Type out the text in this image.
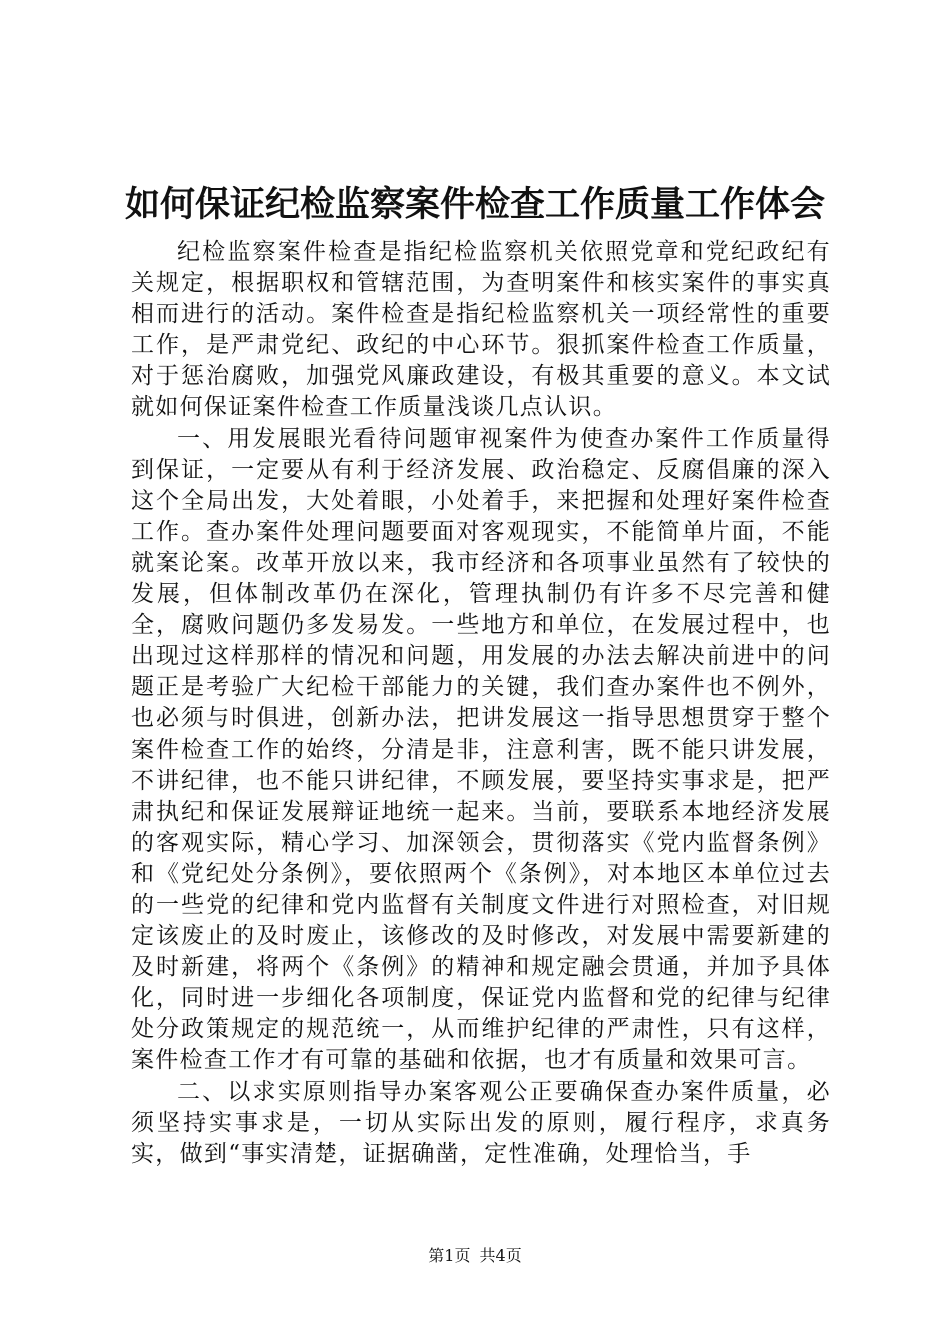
如何保证纪检监察案件检查工作质量工作体会

纪检监察案件检查是指纪检监察机关依照党章和党纪政纪有关规定，根据职权和管辖范围，为查明案件和核实案件的事实真相而进行的活动。案件检查是指纪检监察机关一项经常性的重要工作，是严肃党纪、政纪的中心环节。狠抓案件检查工作质量，对于惩治腐败，加强党风廉政建设，有极其重要的意义。本文试就如何保证案件检查工作质量浅谈几点认识。

一、用发展眼光看待问题审视案件为使查办案件工作质量得到保证，一定要从有利于经济发展、政治稳定、反腐倡廉的深入这个全局出发，大处着眼，小处着手，来把握和处理好案件检查工作。查办案件处理问题要面对客观现实，不能简单片面，不能就案论案。改革开放以来，我市经济和各项事业虽然有了较快的发展，但体制改革仍在深化，管理执制仍有许多不尽完善和健全，腐败问题仍多发易发。一些地方和单位，在发展过程中，也出现过这样那样的情况和问题，用发展的办法去解决前进中的问题正是考验广大纪检干部能力的关键，我们查办案件也不例外，也必须与时俱进，创新办法，把讲发展这一指导思想贯穿于整个案件检查工作的始终，分清是非，注意利害，既不能只讲发展，不讲纪律，也不能只讲纪律，不顾发展，要坚持实事求是，把严肃执纪和保证发展辩证地统一起来。当前，要联系本地经济发展的客观实际，精心学习、加深领会，贯彻落实《党内监督条例》和《党纪处分条例》，要依照两个《条例》，对本地区本单位过去的一些党的纪律和党内监督有关制度文件进行对照检查，对旧规定该废止的及时废止，该修改的及时修改，对发展中需要新建的及时新建，将两个《条例》的精神和规定融会贯通，并加予具体化，同时进一步细化各项制度，保证党内监督和党的纪律与纪律处分政策规定的规范统一，从而维护纪律的严肃性，只有这样，案件检查工作才有可靠的基础和依据，也才有质量和效果可言。

二、以求实原则指导办案客观公正要确保查办案件质量，必须坚持实事求是，一切从实际出发的原则，履行程序，求真务实，做到“事实清楚，证据确凿，定性准确，处理恰当，手

第1页 共4页
